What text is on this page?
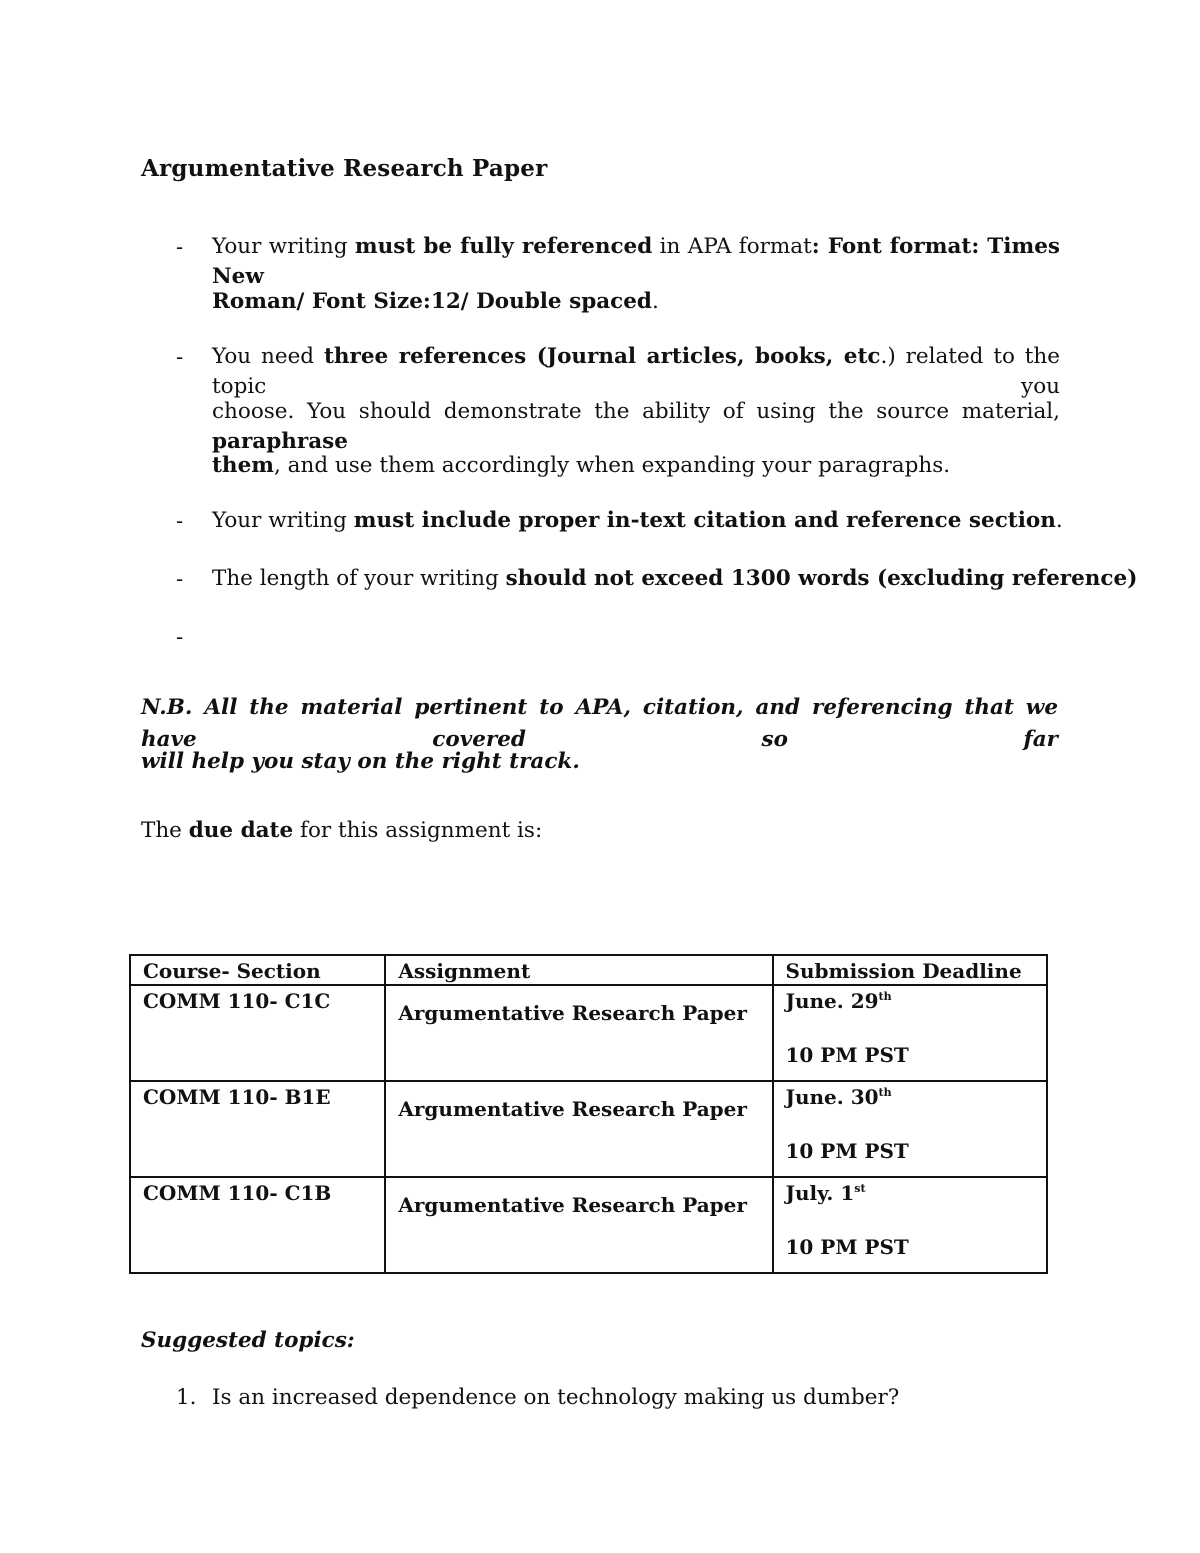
Argumentative Research Paper
- Your writing must be fully referenced in APA format: Font format: Times New
Roman/ Font Size:12/ Double spaced.
- You need three references (Journal articles, books, etc.) related to the topic you
choose. You should demonstrate the ability of using the source material, paraphrase
them, and use them accordingly when expanding your paragraphs.
- Your writing must include proper in-text citation and reference section.
- The length of your writing should not exceed 1300 words (excluding reference)
-
N.B. All the material pertinent to APA, citation, and referencing that we have covered so far
will help you stay on the right track.
The due date for this assignment is:
Course- Section	Assignment	Submission Deadline
COMM 110- C1C	Argumentative Research Paper	June. 29th
10 PM PST
COMM 110- B1E	Argumentative Research Paper	June. 30th
10 PM PST
COMM 110- C1B	Argumentative Research Paper	July. 1st
10 PM PST
Suggested topics:
1. Is an increased dependence on technology making us dumber?
